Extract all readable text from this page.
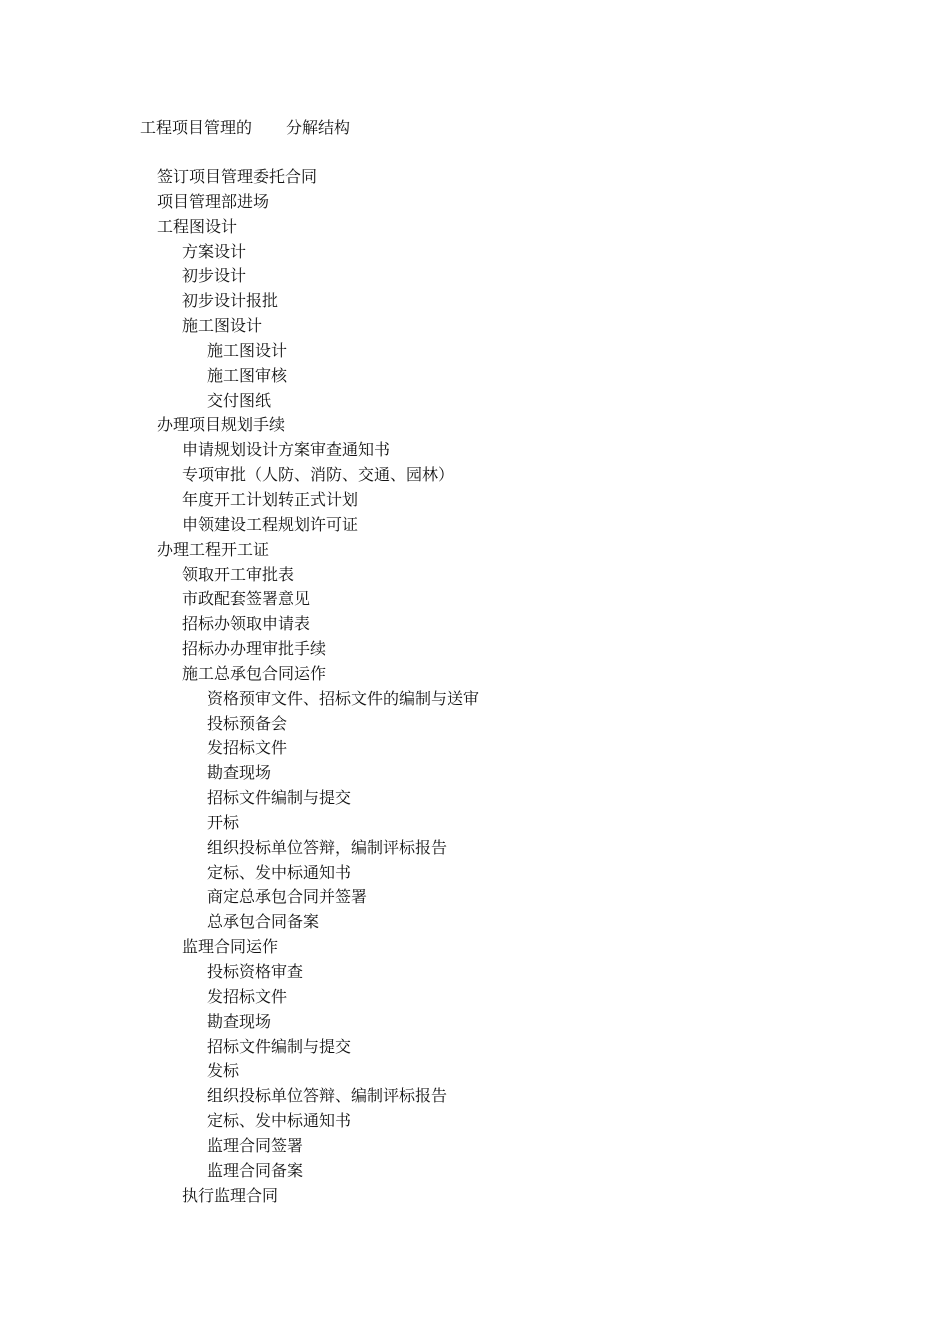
工程项目管理的 分解结构
签订项目管理委托合同
项目管理部进场
工程图设计
方案设计
初步设计
初步设计报批
施工图设计
施工图设计
施工图审核
交付图纸
办理项目规划手续
申请规划设计方案审查通知书
专项审批（人防、消防、交通、园林）
年度开工计划转正式计划
申领建设工程规划许可证
办理工程开工证
领取开工审批表
市政配套签署意见
招标办领取申请表
招标办办理审批手续
施工总承包合同运作
资格预审文件、招标文件的编制与送审
投标预备会
发招标文件
勘查现场
招标文件编制与提交
开标
组织投标单位答辩，编制评标报告
定标、发中标通知书
商定总承包合同并签署
总承包合同备案
监理合同运作
投标资格审查
发招标文件
勘查现场
招标文件编制与提交
发标
组织投标单位答辩、编制评标报告
定标、发中标通知书
监理合同签署
监理合同备案
执行监理合同
